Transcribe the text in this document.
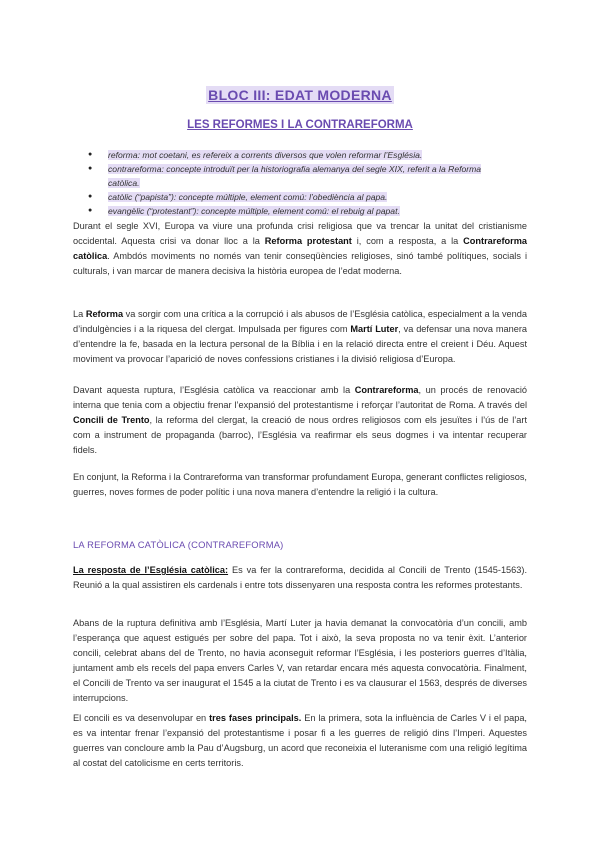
BLOC III: EDAT MODERNA
LES REFORMES I LA CONTRAREFORMA
● reforma: mot coetani, es refereix a corrents diversos que volen reformar l’Església.
● contrareforma: concepte introduït per la historiografia alemanya del segle XIX, referit a la Reforma catòlica.
● catòlic (“papista”): concepte múltiple, element comú: l’obediència al papa.
● evangèlic (“protestant”): concepte múltiple, element comú: el rebuig al papat.

Durant el segle XVI, Europa va viure una profunda crisi religiosa que va trencar la unitat del cristianisme occidental. Aquesta crisi va donar lloc a la Reforma protestant i, com a resposta, a la Contrareforma catòlica. Ambdós moviments no només van tenir conseqüències religioses, sinó també polítiques, socials i culturals, i van marcar de manera decisiva la història europea de l’edat moderna.

La Reforma va sorgir com una crítica a la corrupció i als abusos de l’Església catòlica, especialment a la venda d’indulgències i a la riquesa del clergat. Impulsada per figures com Martí Luter, va defensar una nova manera d’entendre la fe, basada en la lectura personal de la Bíblia i en la relació directa entre el creient i Déu. Aquest moviment va provocar l’aparició de noves confessions cristianes i la divisió religiosa d’Europa.

Davant aquesta ruptura, l’Església catòlica va reaccionar amb la Contrareforma, un procés de renovació interna que tenia com a objectiu frenar l’expansió del protestantisme i reforçar l’autoritat de Roma. A través del Concili de Trento, la reforma del clergat, la creació de nous ordres religiosos com els jesuïtes i l’ús de l’art com a instrument de propaganda (barroc), l’Església va reafirmar els seus dogmes i va intentar recuperar fidels.

En conjunt, la Reforma i la Contrareforma van transformar profundament Europa, generant conflictes religiosos, guerres, noves formes de poder polític i una nova manera d’entendre la religió i la cultura.

LA REFORMA CATÒLICA (CONTRAREFORMA)

La resposta de l’Església catòlica: Es va fer la contrareforma, decidida al Concili de Trento (1545-1563). Reunió a la qual assistiren els cardenals i entre tots dissenyaren una resposta contra les reformes protestants.

Abans de la ruptura definitiva amb l’Església, Martí Luter ja havia demanat la convocatòria d’un concili, amb l’esperança que aquest estigués per sobre del papa. Tot i això, la seva proposta no va tenir èxit. L’anterior concili, celebrat abans del de Trento, no havia aconseguit reformar l’Església, i les posteriors guerres d’Itàlia, juntament amb els recels del papa envers Carles V, van retardar encara més aquesta convocatòria. Finalment, el Concili de Trento va ser inaugurat el 1545 a la ciutat de Trento i es va clausurar el 1563, després de diverses interrupcions.

El concili es va desenvolupar en tres fases principals. En la primera, sota la influència de Carles V i el papa, es va intentar frenar l’expansió del protestantisme i posar fi a les guerres de religió dins l’Imperi. Aquestes guerres van concloure amb la Pau d’Augsburg, un acord que reconeixia el luteranisme com una religió legítima al costat del catolicisme en certs territoris.
